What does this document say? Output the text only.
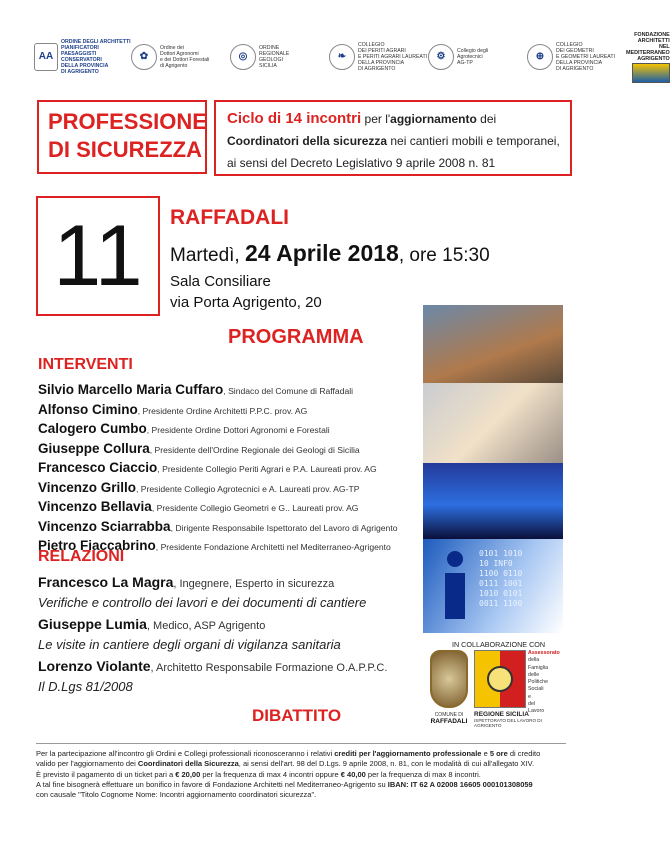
AA
ORDINE DEGLI ARCHITETTI
PIANIFICATORI
PAESAGGISTI
CONSERVATORI
DELLA PROVINCIA
DI AGRIGENTO
✿
Ordine dei
Dottori Agronomi
e dei Dottori Forestali
di Agrigento
◎
ORDINE
REGIONALE
GEOLOGI
SICILIA
❧
COLLEGIO
DEI PERITI AGRARI
E PERITI AGRARI LAUREATI
DELLA PROVINCIA
DI AGRIGENTO
⚙	Collegio degli
Agrotecnici
AG-TP
⊕
COLLEGIO
DEI GEOMETRI
E GEOMETRI LAUREATI
DELLA PROVINCIA
DI AGRIGENTO
FONDAZIONE
ARCHITETTI
NEL
MEDITERRANEO
AGRIGENTO
PROFESSIONE
DI SICUREZZA
Ciclo di 14 incontri per l'aggiornamento dei
Coordinatori della sicurezza nei cantieri mobili e temporanei,
ai sensi del Decreto Legislativo 9 aprile 2008 n. 81
11	RAFFADALI
Martedì, 24 Aprile 2018, ore 15:30
Sala Consiliare
via Porta Agrigento, 20
PROGRAMMA
INTERVENTI
Silvio Marcello Maria Cuffaro, Sindaco del Comune di Raffadali
Alfonso Cimino, Presidente Ordine Architetti P.P.C. prov. AG
Calogero Cumbo, Presidente Ordine Dottori Agronomi e Forestali
Giuseppe Collura, Presidente dell'Ordine Regionale dei Geologi di Sicilia
Francesco Ciaccio, Presidente Collegio Periti Agrari e P.A. Laureati prov. AG
Vincenzo Grillo, Presidente Collegio Agrotecnici e A. Laureati prov. AG-TP
Vincenzo Bellavia, Presidente Collegio Geometri e G.. Laureati prov. AG
Vincenzo Sciarrabba, Dirigente Responsabile Ispettorato del Lavoro di Agrigento
Pietro Fiaccabrino, Presidente Fondazione Architetti nel Mediterraneo-Agrigento
RELAZIONI
Francesco La Magra, Ingegnere, Esperto in sicurezza
Verifiche e controllo dei lavori e dei documenti di cantiere
Giuseppe Lumia, Medico, ASP Agrigento
Le visite in cantiere degli organi di vigilanza sanitaria
Lorenzo Violante, Architetto Responsabile Formazione O.A.P.P.C.
Il D.Lgs 81/2008
DIBATTITO
0101 1010
10 INF0
1100 0110
0111 1001
1010 0101
0011 1100
IN COLLABORAZIONE CON
COMUNE DI
RAFFADALI
Assessorato
della
Famiglia
delle
Politiche
Sociali
e
del
Lavoro
REGIONE SICILIA
ISPETTORATO DEL LAVORO DI AGRIGENTO
Per la partecipazione all'incontro gli Ordini e Collegi professionali riconosceranno i relativi crediti per l'aggiornamento professionale e 5 ore di credito
valido per l'aggiornamento dei Coordinatori della Sicurezza, ai sensi dell'art. 98 del D.Lgs. 9 aprile 2008, n. 81, con le modalità di cui all'allegato XIV.
È previsto il pagamento di un ticket pari a € 20,00 per la frequenza di max 4 incontri oppure € 40,00 per la frequenza di max 8 incontri.
A tal fine bisognerà effettuare un bonifico in favore di Fondazione Architetti nel Mediterraneo-Agrigento su IBAN: IT 62 A 02008 16605 000101308059
con causale "Titolo Cognome Nome: Incontri aggiornamento coordinatori sicurezza".
